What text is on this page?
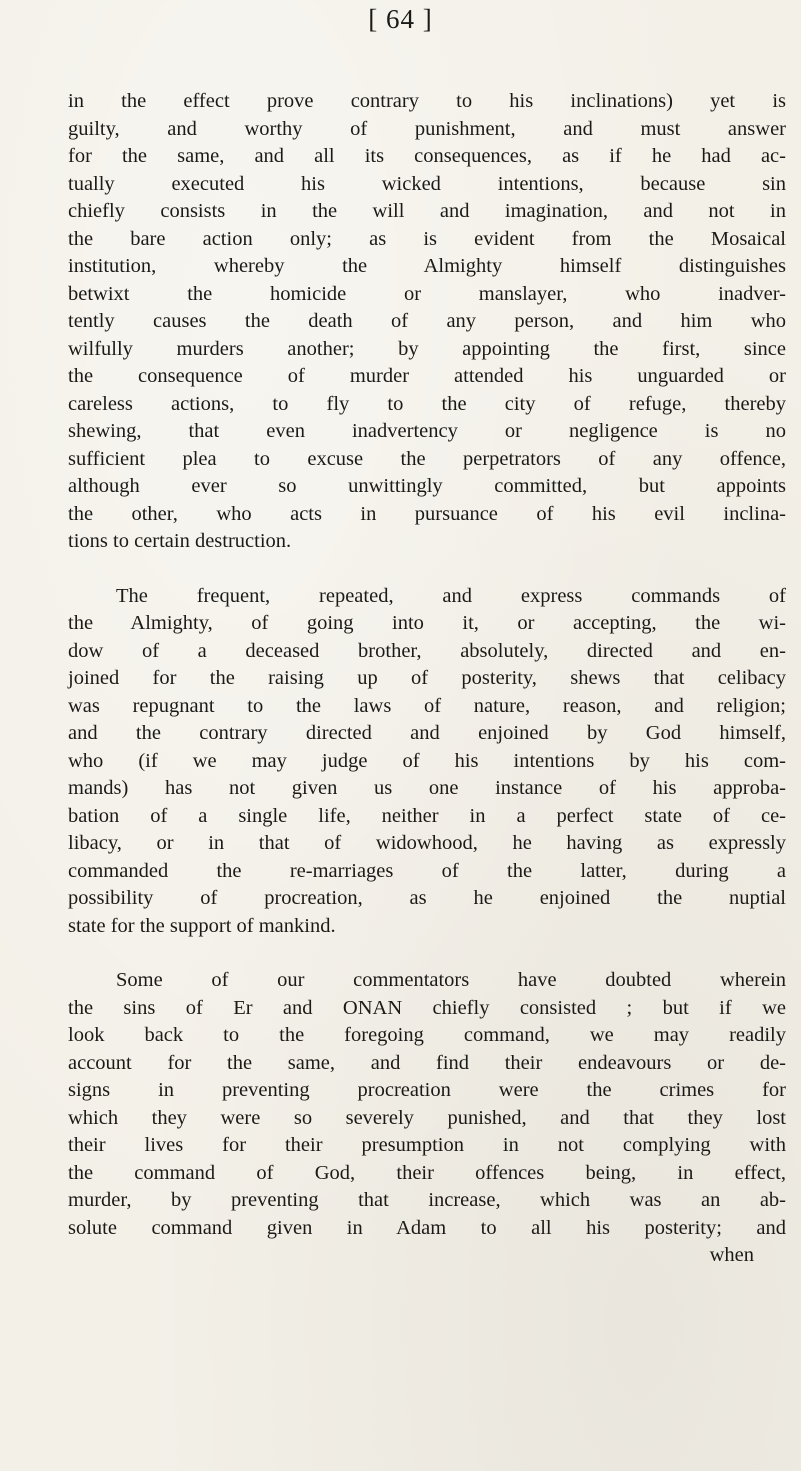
[ 64 ]
in the effect prove contrary to his inclinations) yet is
guilty, and worthy of punishment, and must answer
for the same, and all its consequences, as if he had ac-
tually executed his wicked intentions, because sin
chiefly consists in the will and imagination, and not in
the bare action only; as is evident from the Mosaical
institution, whereby the Almighty himself distinguishes
betwixt the homicide or manslayer, who inadver-
tently causes the death of any person, and him who
wilfully murders another; by appointing the first, since
the consequence of murder attended his unguarded or
careless actions, to fly to the city of refuge, thereby
shewing, that even inadvertency or negligence is no
sufficient plea to excuse the perpetrators of any offence,
although ever so unwittingly committed, but appoints
the other, who acts in pursuance of his evil inclina-
tions to certain destruction.
The frequent, repeated, and express commands of
the Almighty, of going into it, or accepting, the wi-
dow of a deceased brother, absolutely, directed and en-
joined for the raising up of posterity, shews that celibacy
was repugnant to the laws of nature, reason, and religion;
and the contrary directed and enjoined by God himself,
who (if we may judge of his intentions by his com-
mands) has not given us one instance of his approba-
bation of a single life, neither in a perfect state of ce-
libacy, or in that of widowhood, he having as expressly
commanded the re-marriages of the latter, during a
possibility of procreation, as he enjoined the nuptial
state for the support of mankind.
Some of our commentators have doubted wherein
the sins of Er and ONAN chiefly consisted ; but if we
look back to the foregoing command, we may readily
account for the same, and find their endeavours or de-
signs in preventing procreation were the crimes for
which they were so severely punished, and that they lost
their lives for their presumption in not complying with
the command of God, their offences being, in effect,
murder, by preventing that increase, which was an ab-
solute command given in Adam to all his posterity; and
when
